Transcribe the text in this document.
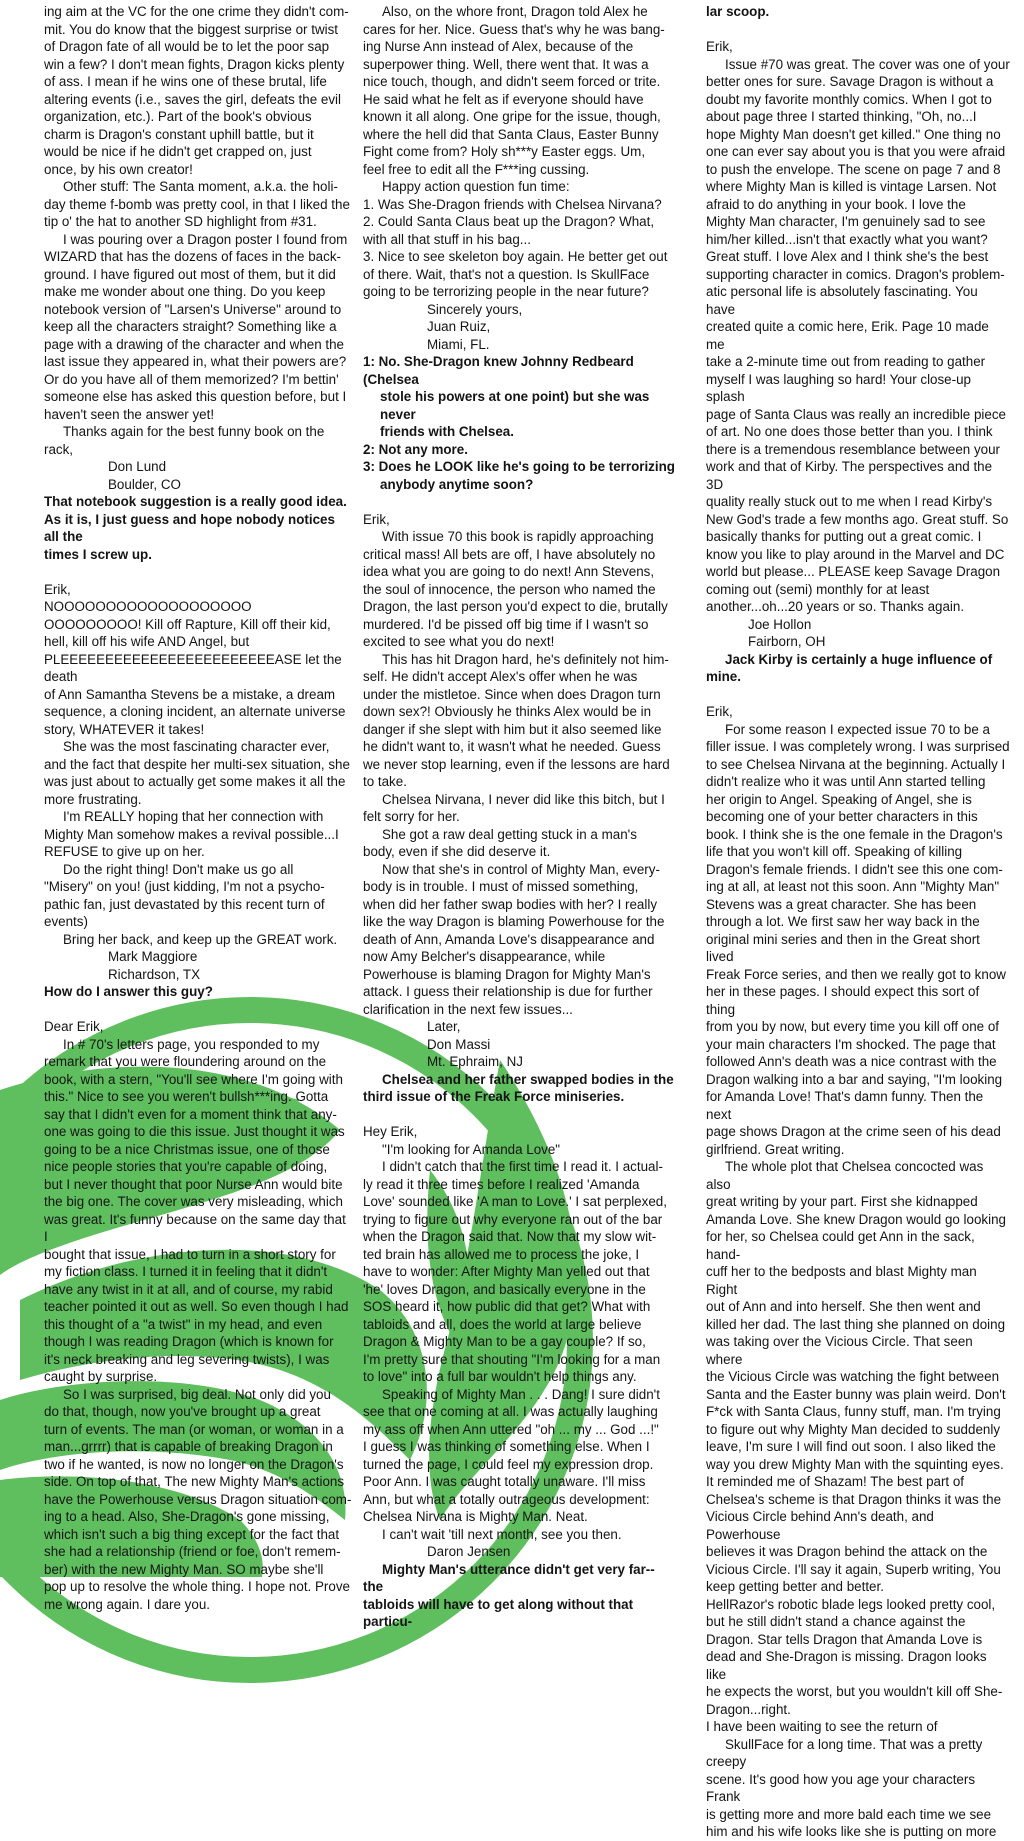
ing aim at the VC for the one crime they didn't com-

mit. You do know that the biggest surprise or twist

of Dragon fate of all would be to let the poor sap

win a few? I don't mean fights, Dragon kicks plenty

of ass. I mean if he wins one of these brutal, life

altering events (i.e., saves the girl, defeats the evil

organization, etc.). Part of the book's obvious

charm is Dragon's constant uphill battle, but it

would be nice if he didn't get crapped on, just

once, by his own creator!

Other stuff: The Santa moment, a.k.a. the holi-

day theme f-bomb was pretty cool, in that I liked the

tip o' the hat to another SD highlight from #31.

I was pouring over a Dragon poster I found from

WIZARD that has the dozens of faces in the back-

ground. I have figured out most of them, but it did

make me wonder about one thing. Do you keep

notebook version of "Larsen's Universe" around to

keep all the characters straight? Something like a

page with a drawing of the character and when the

last issue they appeared in, what their powers are?

Or do you have all of them memorized? I'm bettin'

someone else has asked this question before, but I

haven't seen the answer yet!

Thanks again for the best funny book on the

rack,

Don Lund

Boulder, CO

That notebook suggestion is a really good idea.

As it is, I just guess and hope nobody notices all the

times I screw up.

Erik,

NOOOOOOOOOOOOOOOOOOO

OOOOOOOOO! Kill off Rapture, Kill off their kid,

hell, kill off his wife AND Angel, but

PLEEEEEEEEEEEEEEEEEEEEEEEEASE let the death

of Ann Samantha Stevens be a mistake, a dream

sequence, a cloning incident, an alternate universe

story, WHATEVER it takes!

She was the most fascinating character ever,

and the fact that despite her multi-sex situation, she

was just about to actually get some makes it all the

more frustrating.

I'm REALLY hoping that her connection with

Mighty Man somehow makes a revival possible...I

REFUSE to give up on her.

Do the right thing! Don't make us go all

"Misery" on you! (just kidding, I'm not a psycho-

pathic fan, just devastated by this recent turn of

events)

Bring her back, and keep up the GREAT work.

Mark Maggiore

Richardson, TX

How do I answer this guy?

Dear Erik,

In # 70's letters page, you responded to my

remark that you were floundering around on the

book, with a stern, "You'll see where I'm going with

this." Nice to see you weren't bullsh***ing. Gotta

say that I didn't even for a moment think that any-

one was going to die this issue. Just thought it was

going to be a nice Christmas issue, one of those

nice people stories that you're capable of doing,

but I never thought that poor Nurse Ann would bite

the big one. The cover was very misleading, which

was great. It's funny because on the same day that I

bought that issue, I had to turn in a short story for

my fiction class. I turned it in feeling that it didn't

have any twist in it at all, and of course, my rabid

teacher pointed it out as well. So even though I had

this thought of a "a twist" in my head, and even

though I was reading Dragon (which is known for

it's neck breaking and leg severing twists), I was

caught by surprise.

So I was surprised, big deal. Not only did you

do that, though, now you've brought up a great

turn of events. The man (or woman, or woman in a

man...grrrr) that is capable of breaking Dragon in

two if he wanted, is now no longer on the Dragon's

side. On top of that, The new Mighty Man's actions

have the Powerhouse versus Dragon situation com-

ing to a head. Also, She-Dragon's gone missing,

which isn't such a big thing except for the fact that

she had a relationship (friend or foe, don't remem-

ber) with the new Mighty Man. SO maybe she'll

pop up to resolve the whole thing. I hope not. Prove

me wrong again. I dare you.

Also, on the whore front, Dragon told Alex he

cares for her. Nice. Guess that's why he was bang-

ing Nurse Ann instead of Alex, because of the

superpower thing. Well, there went that. It was a

nice touch, though, and didn't seem forced or trite.

He said what he felt as if everyone should have

known it all along. One gripe for the issue, though,

where the hell did that Santa Claus, Easter Bunny

Fight come from? Holy sh***y Easter eggs. Um,

feel free to edit all the F***ing cussing.

Happy action question fun time:

1. Was She-Dragon friends with Chelsea Nirvana?

2. Could Santa Claus beat up the Dragon? What,

with all that stuff in his bag...

3. Nice to see skeleton boy again. He better get out

of there. Wait, that's not a question. Is SkullFace

going to be terrorizing people in the near future?

Sincerely yours,

Juan Ruiz,

Miami, FL.

1: No. She-Dragon knew Johnny Redbeard (Chelsea

stole his powers at one point) but she was never

friends with Chelsea.

2: Not any more.

3: Does he LOOK like he's going to be terrorizing

anybody anytime soon?

Erik,

With issue 70 this book is rapidly approaching

critical mass! All bets are off, I have absolutely no

idea what you are going to do next! Ann Stevens,

the soul of innocence, the person who named the

Dragon, the last person you'd expect to die, brutally

murdered. I'd be pissed off big time if I wasn't so

excited to see what you do next!

This has hit Dragon hard, he's definitely not him-

self. He didn't accept Alex's offer when he was

under the mistletoe. Since when does Dragon turn

down sex?! Obviously he thinks Alex would be in

danger if she slept with him but it also seemed like

he didn't want to, it wasn't what he needed. Guess

we never stop learning, even if the lessons are hard

to take.

Chelsea Nirvana, I never did like this bitch, but I

felt sorry for her.

She got a raw deal getting stuck in a man's

body, even if she did deserve it.

Now that she's in control of Mighty Man, every-

body is in trouble. I must of missed something,

when did her father swap bodies with her? I really

like the way Dragon is blaming Powerhouse for the

death of Ann, Amanda Love's disappearance and

now Amy Belcher's disappearance, while

Powerhouse is blaming Dragon for Mighty Man's

attack. I guess their relationship is due for further

clarification in the next few issues...

Later,

Don Massi

Mt. Ephraim, NJ

Chelsea and her father swapped bodies in the

third issue of the Freak Force miniseries.

Hey Erik,

"I'm looking for Amanda Love"

I didn't catch that the first time I read it. I actual-

ly read it three times before I realized 'Amanda

Love' sounded like 'A man to Love.' I sat perplexed,

trying to figure out why everyone ran out of the bar

when the Dragon said that. Now that my slow wit-

ted brain has allowed me to process the joke, I

have to wonder: After Mighty Man yelled out that

'he' loves Dragon, and basically everyone in the

SOS heard it, how public did that get? What with

tabloids and all, does the world at large believe

Dragon & Mighty Man to be a gay couple? If so,

I'm pretty sure that shouting "I'm looking for a man

to love" into a full bar wouldn't help things any.

Speaking of Mighty Man . . . Dang! I sure didn't

see that one coming at all. I was actually laughing

my ass off when Ann uttered "oh ... my ... God ...!"

I guess I was thinking of something else. When I

turned the page, I could feel my expression drop.

Poor Ann. I was caught totally unaware. I'll miss

Ann, but what a totally outrageous development:

Chelsea Nirvana is Mighty Man. Neat.

I can't wait 'till next month, see you then.

Daron Jensen

Mighty Man's utterance didn't get very far-- the

tabloids will have to get along without that particu-

lar scoop.

Erik,

Issue #70 was great. The cover was one of your

better ones for sure. Savage Dragon is without a

doubt my favorite monthly comics. When I got to

about page three I started thinking, "Oh, no...I

hope Mighty Man doesn't get killed." One thing no

one can ever say about you is that you were afraid

to push the envelope. The scene on page 7 and 8

where Mighty Man is killed is vintage Larsen. Not

afraid to do anything in your book. I love the

Mighty Man character, I'm genuinely sad to see

him/her killed...isn't that exactly what you want?

Great stuff. I love Alex and I think she's the best

supporting character in comics. Dragon's problem-

atic personal life is absolutely fascinating. You have

created quite a comic here, Erik. Page 10 made me

take a 2-minute time out from reading to gather

myself I was laughing so hard! Your close-up splash

page of Santa Claus was really an incredible piece

of art. No one does those better than you. I think

there is a tremendous resemblance between your

work and that of Kirby. The perspectives and the 3D

quality really stuck out to me when I read Kirby's

New God's trade a few months ago. Great stuff. So

basically thanks for putting out a great comic. I

know you like to play around in the Marvel and DC

world but please... PLEASE keep Savage Dragon

coming out (semi) monthly for at least

another...oh...20 years or so. Thanks again.

Joe Hollon

Fairborn, OH

Jack Kirby is certainly a huge influence of mine.

Erik,

For some reason I expected issue 70 to be a

filler issue. I was completely wrong. I was surprised

to see Chelsea Nirvana at the beginning. Actually I

didn't realize who it was until Ann started telling

her origin to Angel. Speaking of Angel, she is

becoming one of your better characters in this

book. I think she is the one female in the Dragon's

life that you won't kill off. Speaking of killing

Dragon's female friends. I didn't see this one com-

ing at all, at least not this soon. Ann "Mighty Man"

Stevens was a great character. She has been

through a lot. We first saw her way back in the

original mini series and then in the Great short lived

Freak Force series, and then we really got to know

her in these pages. I should expect this sort of thing

from you by now, but every time you kill off one of

your main characters I'm shocked. The page that

followed Ann's death was a nice contrast with the

Dragon walking into a bar and saying, "I'm looking

for Amanda Love! That's damn funny. Then the next

page shows Dragon at the crime seen of his dead

girlfriend. Great writing.

The whole plot that Chelsea concocted was also

great writing by your part. First she kidnapped

Amanda Love. She knew Dragon would go looking

for her, so Chelsea could get Ann in the sack, hand-

cuff her to the bedposts and blast Mighty man Right

out of Ann and into herself. She then went and

killed her dad. The last thing she planned on doing

was taking over the Vicious Circle. That seen where

the Vicious Circle was watching the fight between

Santa and the Easter bunny was plain weird. Don't

F*ck with Santa Claus, funny stuff, man. I'm trying

to figure out why Mighty Man decided to suddenly

leave, I'm sure I will find out soon. I also liked the

way you drew Mighty Man with the squinting eyes.

It reminded me of Shazam! The best part of

Chelsea's scheme is that Dragon thinks it was the

Vicious Circle behind Ann's death, and Powerhouse

believes it was Dragon behind the attack on the

Vicious Circle. I'll say it again, Superb writing, You

keep getting better and better.

HellRazor's robotic blade legs looked pretty cool,

but he still didn't stand a chance against the

Dragon. Star tells Dragon that Amanda Love is

dead and She-Dragon is missing. Dragon looks like

he expects the worst, but you wouldn't kill off She-

Dragon...right.

I have been waiting to see the return of

SkullFace for a long time. That was a pretty creepy

scene. It's good how you age your characters Frank

is getting more and more bald each time we see

him and his wife looks like she is putting on more
